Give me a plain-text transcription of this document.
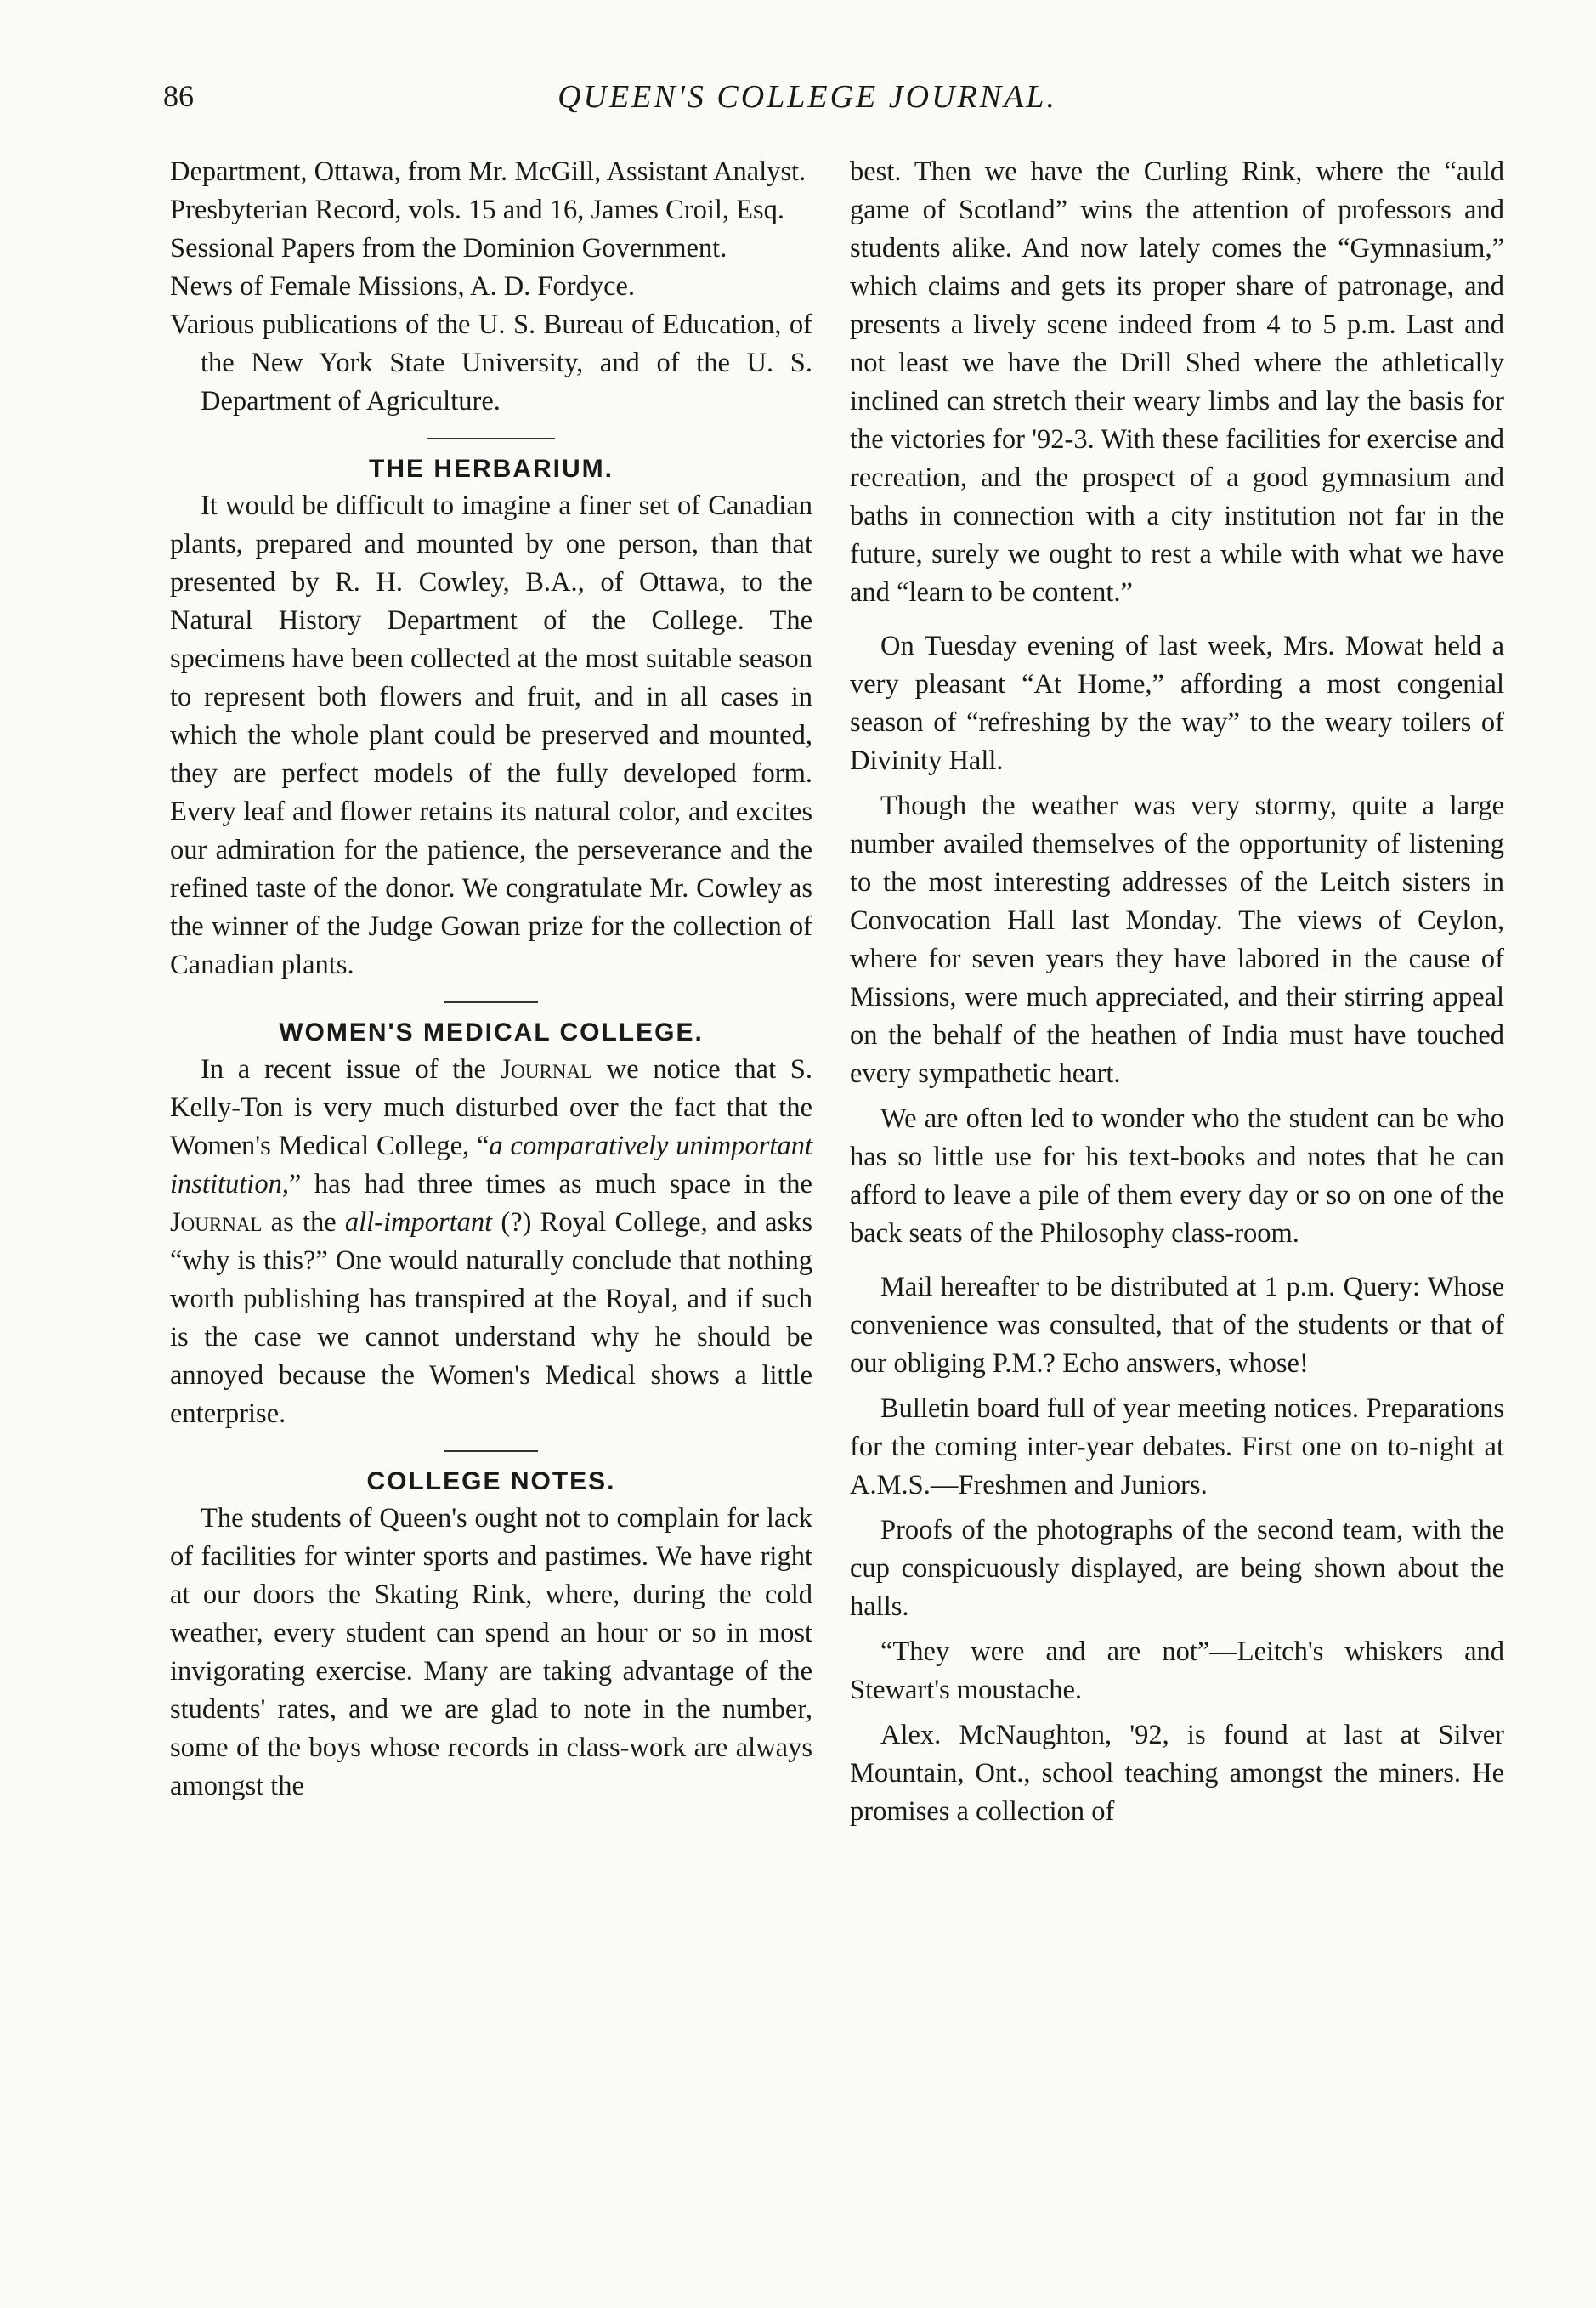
86	QUEEN'S COLLEGE JOURNAL.

Department, Ottawa, from Mr. McGill, Assistant Analyst.

Presbyterian Record, vols. 15 and 16, James Croil, Esq.

Sessional Papers from the Dominion Government.

News of Female Missions, A. D. Fordyce.

Various publications of the U. S. Bureau of Education, of the New York State University, and of the U. S. Department of Agriculture.

THE HERBARIUM.

It would be difficult to imagine a finer set of Canadian plants, prepared and mounted by one person, than that presented by R. H. Cowley, B.A., of Ottawa, to the Natural History Department of the College. The specimens have been collected at the most suitable season to represent both flowers and fruit, and in all cases in which the whole plant could be preserved and mounted, they are perfect models of the fully developed form. Every leaf and flower retains its natural color, and excites our admiration for the patience, the perseverance and the refined taste of the donor. We congratulate Mr. Cowley as the winner of the Judge Gowan prize for the collection of Canadian plants.

WOMEN'S MEDICAL COLLEGE.

In a recent issue of the Journal we notice that S. Kelly-Ton is very much disturbed over the fact that the Women's Medical College, “a comparatively unimportant institution,” has had three times as much space in the Journal as the all-important (?) Royal College, and asks “why is this?” One would naturally conclude that nothing worth publishing has transpired at the Royal, and if such is the case we cannot understand why he should be annoyed because the Women's Medical shows a little enterprise.

COLLEGE NOTES.

The students of Queen's ought not to complain for lack of facilities for winter sports and pastimes. We have right at our doors the Skating Rink, where, during the cold weather, every student can spend an hour or so in most invigorating exercise. Many are taking advantage of the students' rates, and we are glad to note in the number, some of the boys whose records in class-work are always amongst the

best. Then we have the Curling Rink, where the “auld game of Scotland” wins the attention of professors and students alike. And now lately comes the “Gymnasium,” which claims and gets its proper share of patronage, and presents a lively scene indeed from 4 to 5 p.m. Last and not least we have the Drill Shed where the athletically inclined can stretch their weary limbs and lay the basis for the victories for '92-3. With these facilities for exercise and recreation, and the prospect of a good gymnasium and baths in connection with a city institution not far in the future, surely we ought to rest a while with what we have and “learn to be content.”

On Tuesday evening of last week, Mrs. Mowat held a very pleasant “At Home,” affording a most congenial season of “refreshing by the way” to the weary toilers of Divinity Hall.

Though the weather was very stormy, quite a large number availed themselves of the opportunity of listening to the most interesting addresses of the Leitch sisters in Convocation Hall last Monday. The views of Ceylon, where for seven years they have labored in the cause of Missions, were much appreciated, and their stirring appeal on the behalf of the heathen of India must have touched every sympathetic heart.

We are often led to wonder who the student can be who has so little use for his text-books and notes that he can afford to leave a pile of them every day or so on one of the back seats of the Philosophy class-room.

Mail hereafter to be distributed at 1 p.m. Query: Whose convenience was consulted, that of the students or that of our obliging P.M.? Echo answers, whose!

Bulletin board full of year meeting notices. Preparations for the coming inter-year debates. First one on to-night at A.M.S.—Freshmen and Juniors.

Proofs of the photographs of the second team, with the cup conspicuously displayed, are being shown about the halls.

“They were and are not”—Leitch's whiskers and Stewart's moustache.

Alex. McNaughton, '92, is found at last at Silver Mountain, Ont., school teaching amongst the miners. He promises a collection of
